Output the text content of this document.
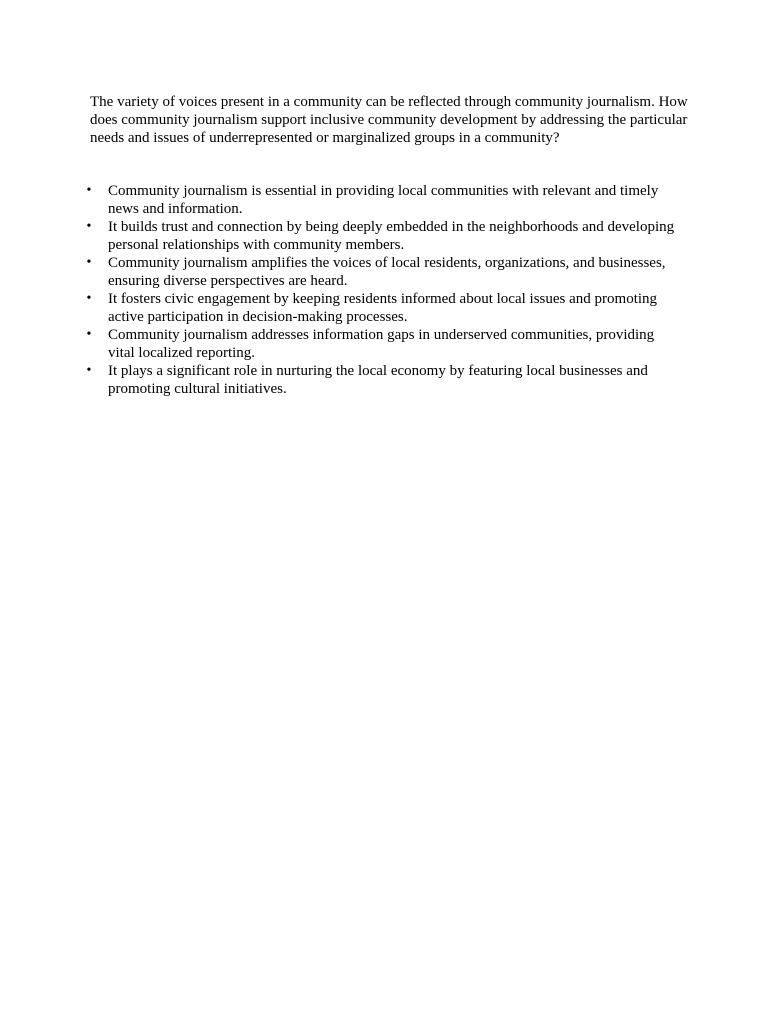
The variety of voices present in a community can be reflected through community journalism. How does community journalism support inclusive community development by addressing the particular needs and issues of underrepresented or marginalized groups in a community?

• Community journalism is essential in providing local communities with relevant and timely news and information.
• It builds trust and connection by being deeply embedded in the neighborhoods and developing personal relationships with community members.
• Community journalism amplifies the voices of local residents, organizations, and businesses, ensuring diverse perspectives are heard.
• It fosters civic engagement by keeping residents informed about local issues and promoting active participation in decision-making processes.
• Community journalism addresses information gaps in underserved communities, providing vital localized reporting.
• It plays a significant role in nurturing the local economy by featuring local businesses and promoting cultural initiatives.
